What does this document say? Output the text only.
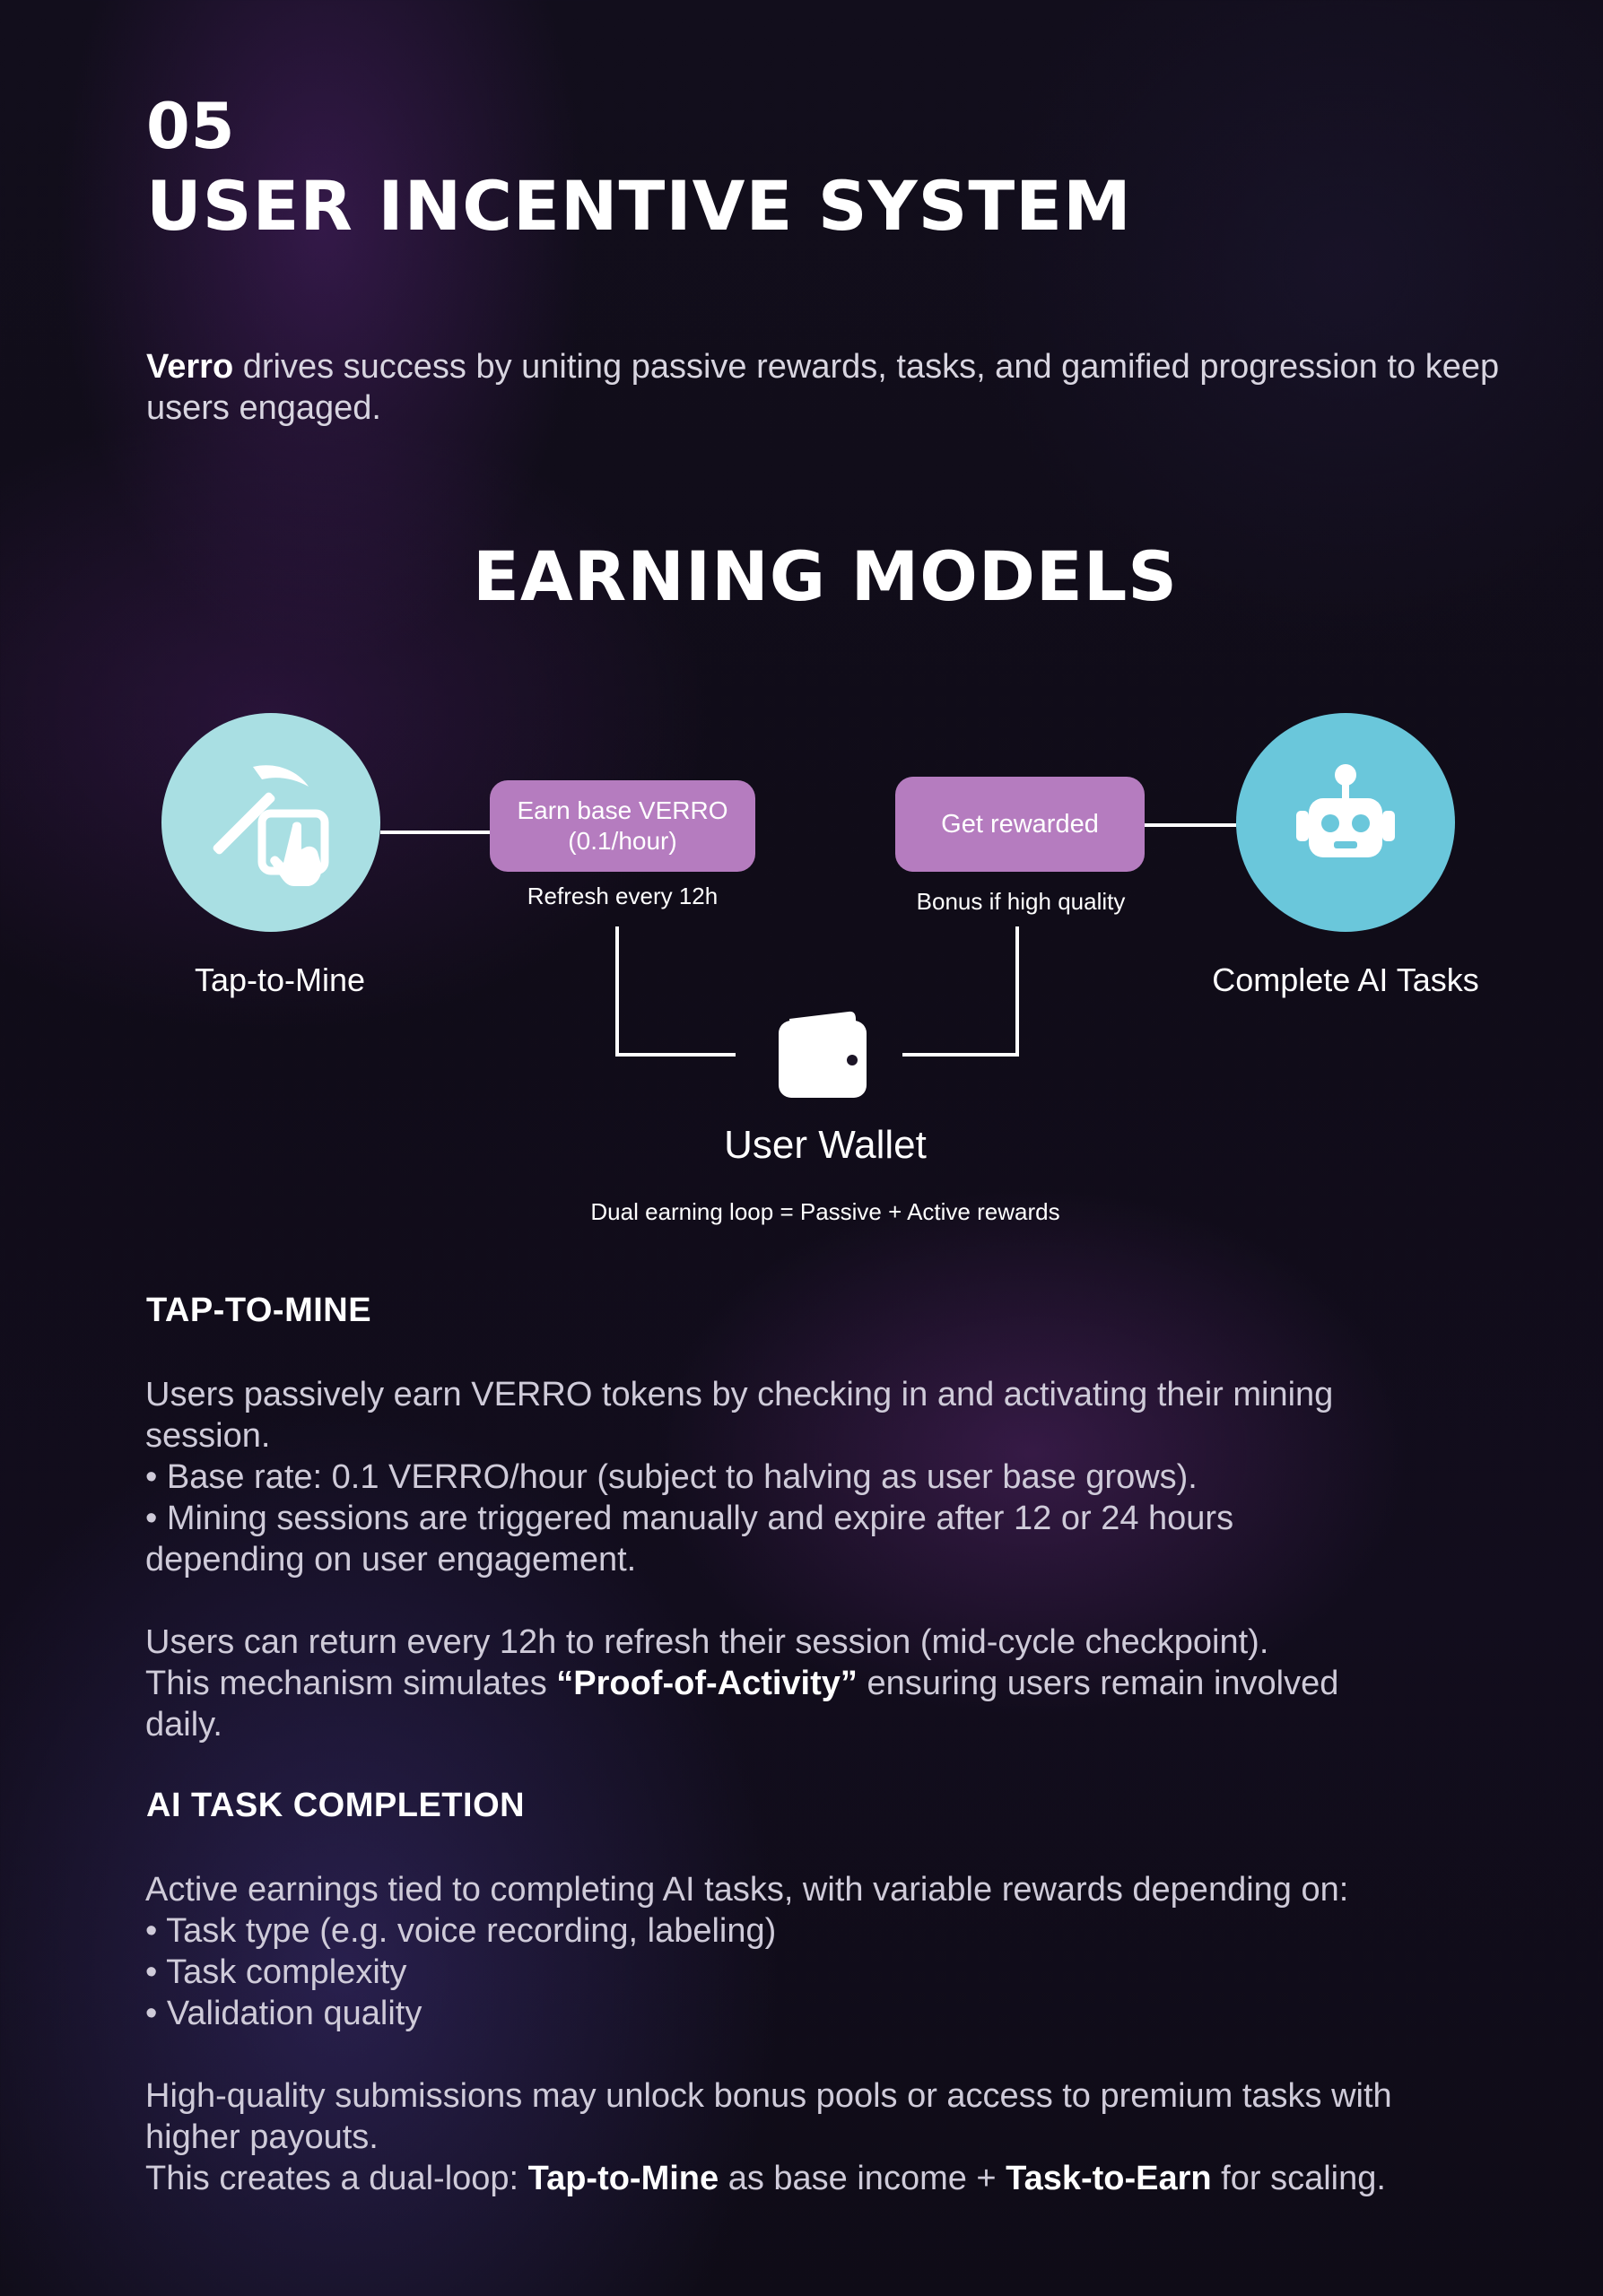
05
USER INCENTIVE SYSTEM
Verro drives success by uniting passive rewards, tasks, and gamified progression to keep users engaged.
EARNING MODELS
Tap-to-Mine
Earn base VERRO
(0.1/hour)
Refresh every 12h
Get rewarded
Bonus if high quality
Complete AI Tasks
User Wallet
Dual earning loop = Passive + Active rewards
TAP-TO-MINE
Users passively earn VERRO tokens by checking in and activating their mining
session.
• Base rate: 0.1 VERRO/hour (subject to halving as user base grows).
• Mining sessions are triggered manually and expire after 12 or 24 hours
depending on user engagement.
Users can return every 12h to refresh their session (mid-cycle checkpoint).
This mechanism simulates “Proof-of-Activity” ensuring users remain involved
daily.
AI TASK COMPLETION
Active earnings tied to completing AI tasks, with variable rewards depending on:
• Task type (e.g. voice recording, labeling)
• Task complexity
• Validation quality
High-quality submissions may unlock bonus pools or access to premium tasks with
higher payouts.
This creates a dual-loop: Tap-to-Mine as base income + Task-to-Earn for scaling.
